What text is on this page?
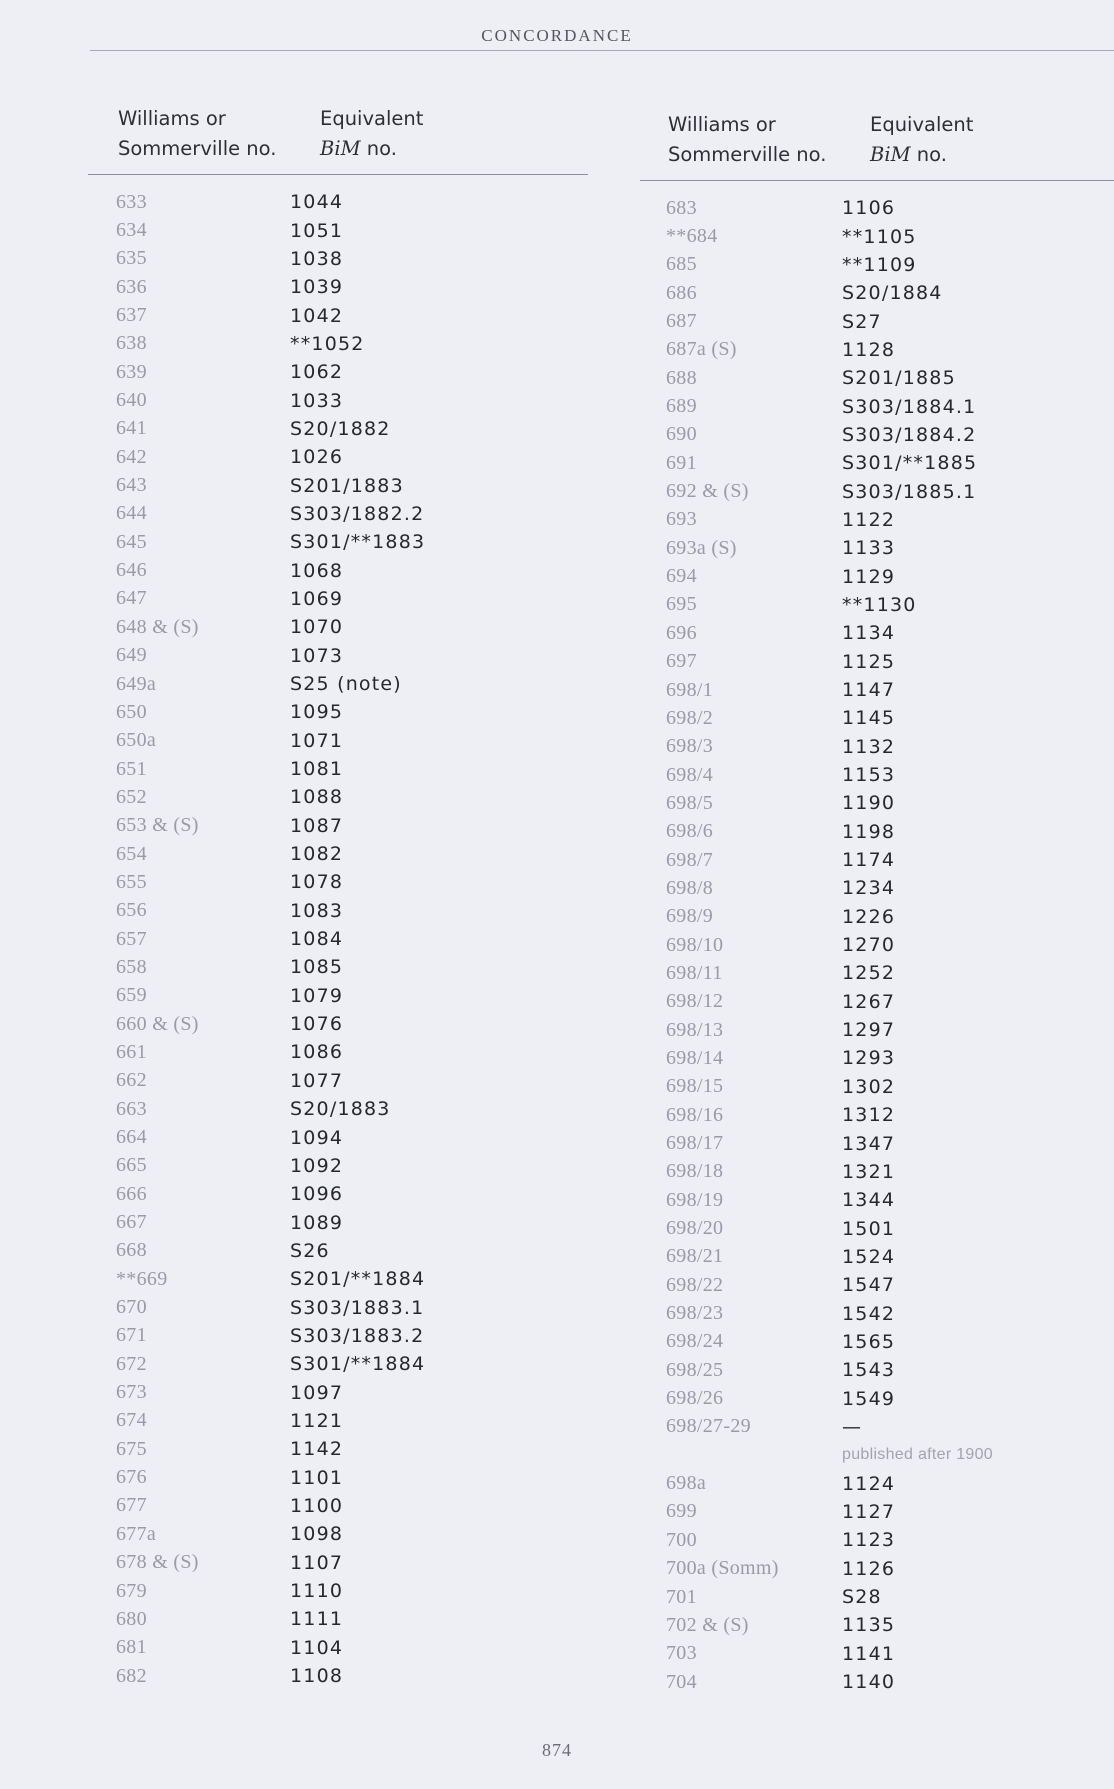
CONCORDANCE
Williams or
Sommerville no.
Equivalent
BiM no.
633	1044
634	1051
635	1038
636	1039
637	1042
638	**1052
639	1062
640	1033
641	S20/1882
642	1026
643	S201/1883
644	S303/1882.2
645	S301/**1883
646	1068
647	1069
648 & (S)	1070
649	1073
649a	S25 (note)
650	1095
650a	1071
651	1081
652	1088
653 & (S)	1087
654	1082
655	1078
656	1083
657	1084
658	1085
659	1079
660 & (S)	1076
661	1086
662	1077
663	S20/1883
664	1094
665	1092
666	1096
667	1089
668	S26
**669	S201/**1884
670	S303/1883.1
671	S303/1883.2
672	S301/**1884
673	1097
674	1121
675	1142
676	1101
677	1100
677a	1098
678 & (S)	1107
679	1110
680	1111
681	1104
682	1108
Williams or
Sommerville no.
Equivalent
BiM no.
683	1106
**684	**1105
685	**1109
686	S20/1884
687	S27
687a (S)	1128
688	S201/1885
689	S303/1884.1
690	S303/1884.2
691	S301/**1885
692 & (S)	S303/1885.1
693	1122
693a (S)	1133
694	1129
695	**1130
696	1134
697	1125
698/1	1147
698/2	1145
698/3	1132
698/4	1153
698/5	1190
698/6	1198
698/7	1174
698/8	1234
698/9	1226
698/10	1270
698/11	1252
698/12	1267
698/13	1297
698/14	1293
698/15	1302
698/16	1312
698/17	1347
698/18	1321
698/19	1344
698/20	1501
698/21	1524
698/22	1547
698/23	1542
698/24	1565
698/25	1543
698/26	1549
698/27-29	—
published after 1900
698a	1124
699	1127
700	1123
700a (Somm)	1126
701	S28
702 & (S)	1135
703	1141
704	1140
874
